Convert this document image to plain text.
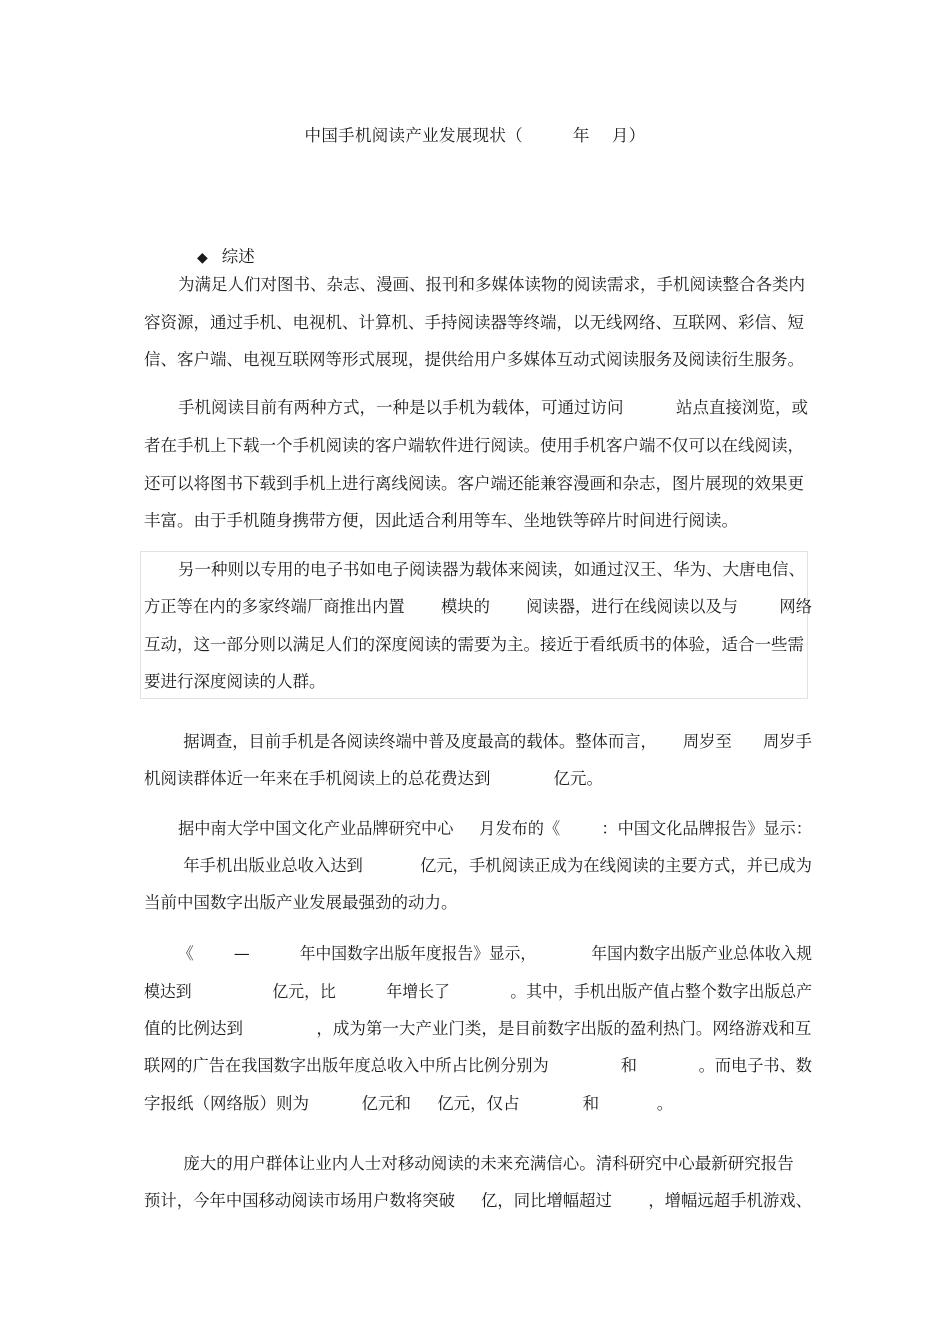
中国手机阅读产业发展现状（         年    月）

◆ 综述

为满足人们对图书、杂志、漫画、报刊和多媒体读物的阅读需求，手机阅读整合各类内
容资源，通过手机、电视机、计算机、手持阅读器等终端，以无线网络、互联网、彩信、短
信、客户端、电视互联网等形式展现，提供给用户多媒体互动式阅读服务及阅读衍生服务。
手机阅读目前有两种方式，一种是以手机为载体，可通过访问          站点直接浏览，或
者在手机上下载一个手机阅读的客户端软件进行阅读。使用手机客户端不仅可以在线阅读，
还可以将图书下载到手机上进行离线阅读。客户端还能兼容漫画和杂志，图片展现的效果更
丰富。由于手机随身携带方便，因此适合利用等车、坐地铁等碎片时间进行阅读。
另一种则以专用的电子书如电子阅读器为载体来阅读，如通过汉王、华为、大唐电信、
方正等在内的多家终端厂商推出内置       模块的       阅读器，进行在线阅读以及与        网络
互动，这一部分则以满足人们的深度阅读的需要为主。接近于看纸质书的体验，适合一些需
要进行深度阅读的人群。
据调查，目前手机是各阅读终端中普及度最高的载体。整体而言，     周岁至      周岁手
机阅读群体近一年来在手机阅读上的总花费达到            亿元。
据中南大学中国文化产业品牌研究中心     月发布的《        ：中国文化品牌报告》显示：
年手机出版业总收入达到           亿元，手机阅读正成为在线阅读的主要方式，并已成为
当前中国数字出版产业发展最强劲的动力。
《        —          年中国数字出版年度报告》显示，           年国内数字出版产业总体收入规
模达到                亿元，比          年增长了            。其中，手机出版产值占整个数字出版总产
值的比例达到              ，成为第一大产业门类，是目前数字出版的盈利热门。网络游戏和互
联网的广告在我国数字出版年度总收入中所占比例分别为              和            。而电子书、数
字报纸（网络版）则为          亿元和     亿元，仅占            和           。
庞大的用户群体让业内人士对移动阅读的未来充满信心。清科研究中心最新研究报告
预计，今年中国移动阅读市场用户数将突破     亿，同比增幅超过       ，增幅远超手机游戏、
